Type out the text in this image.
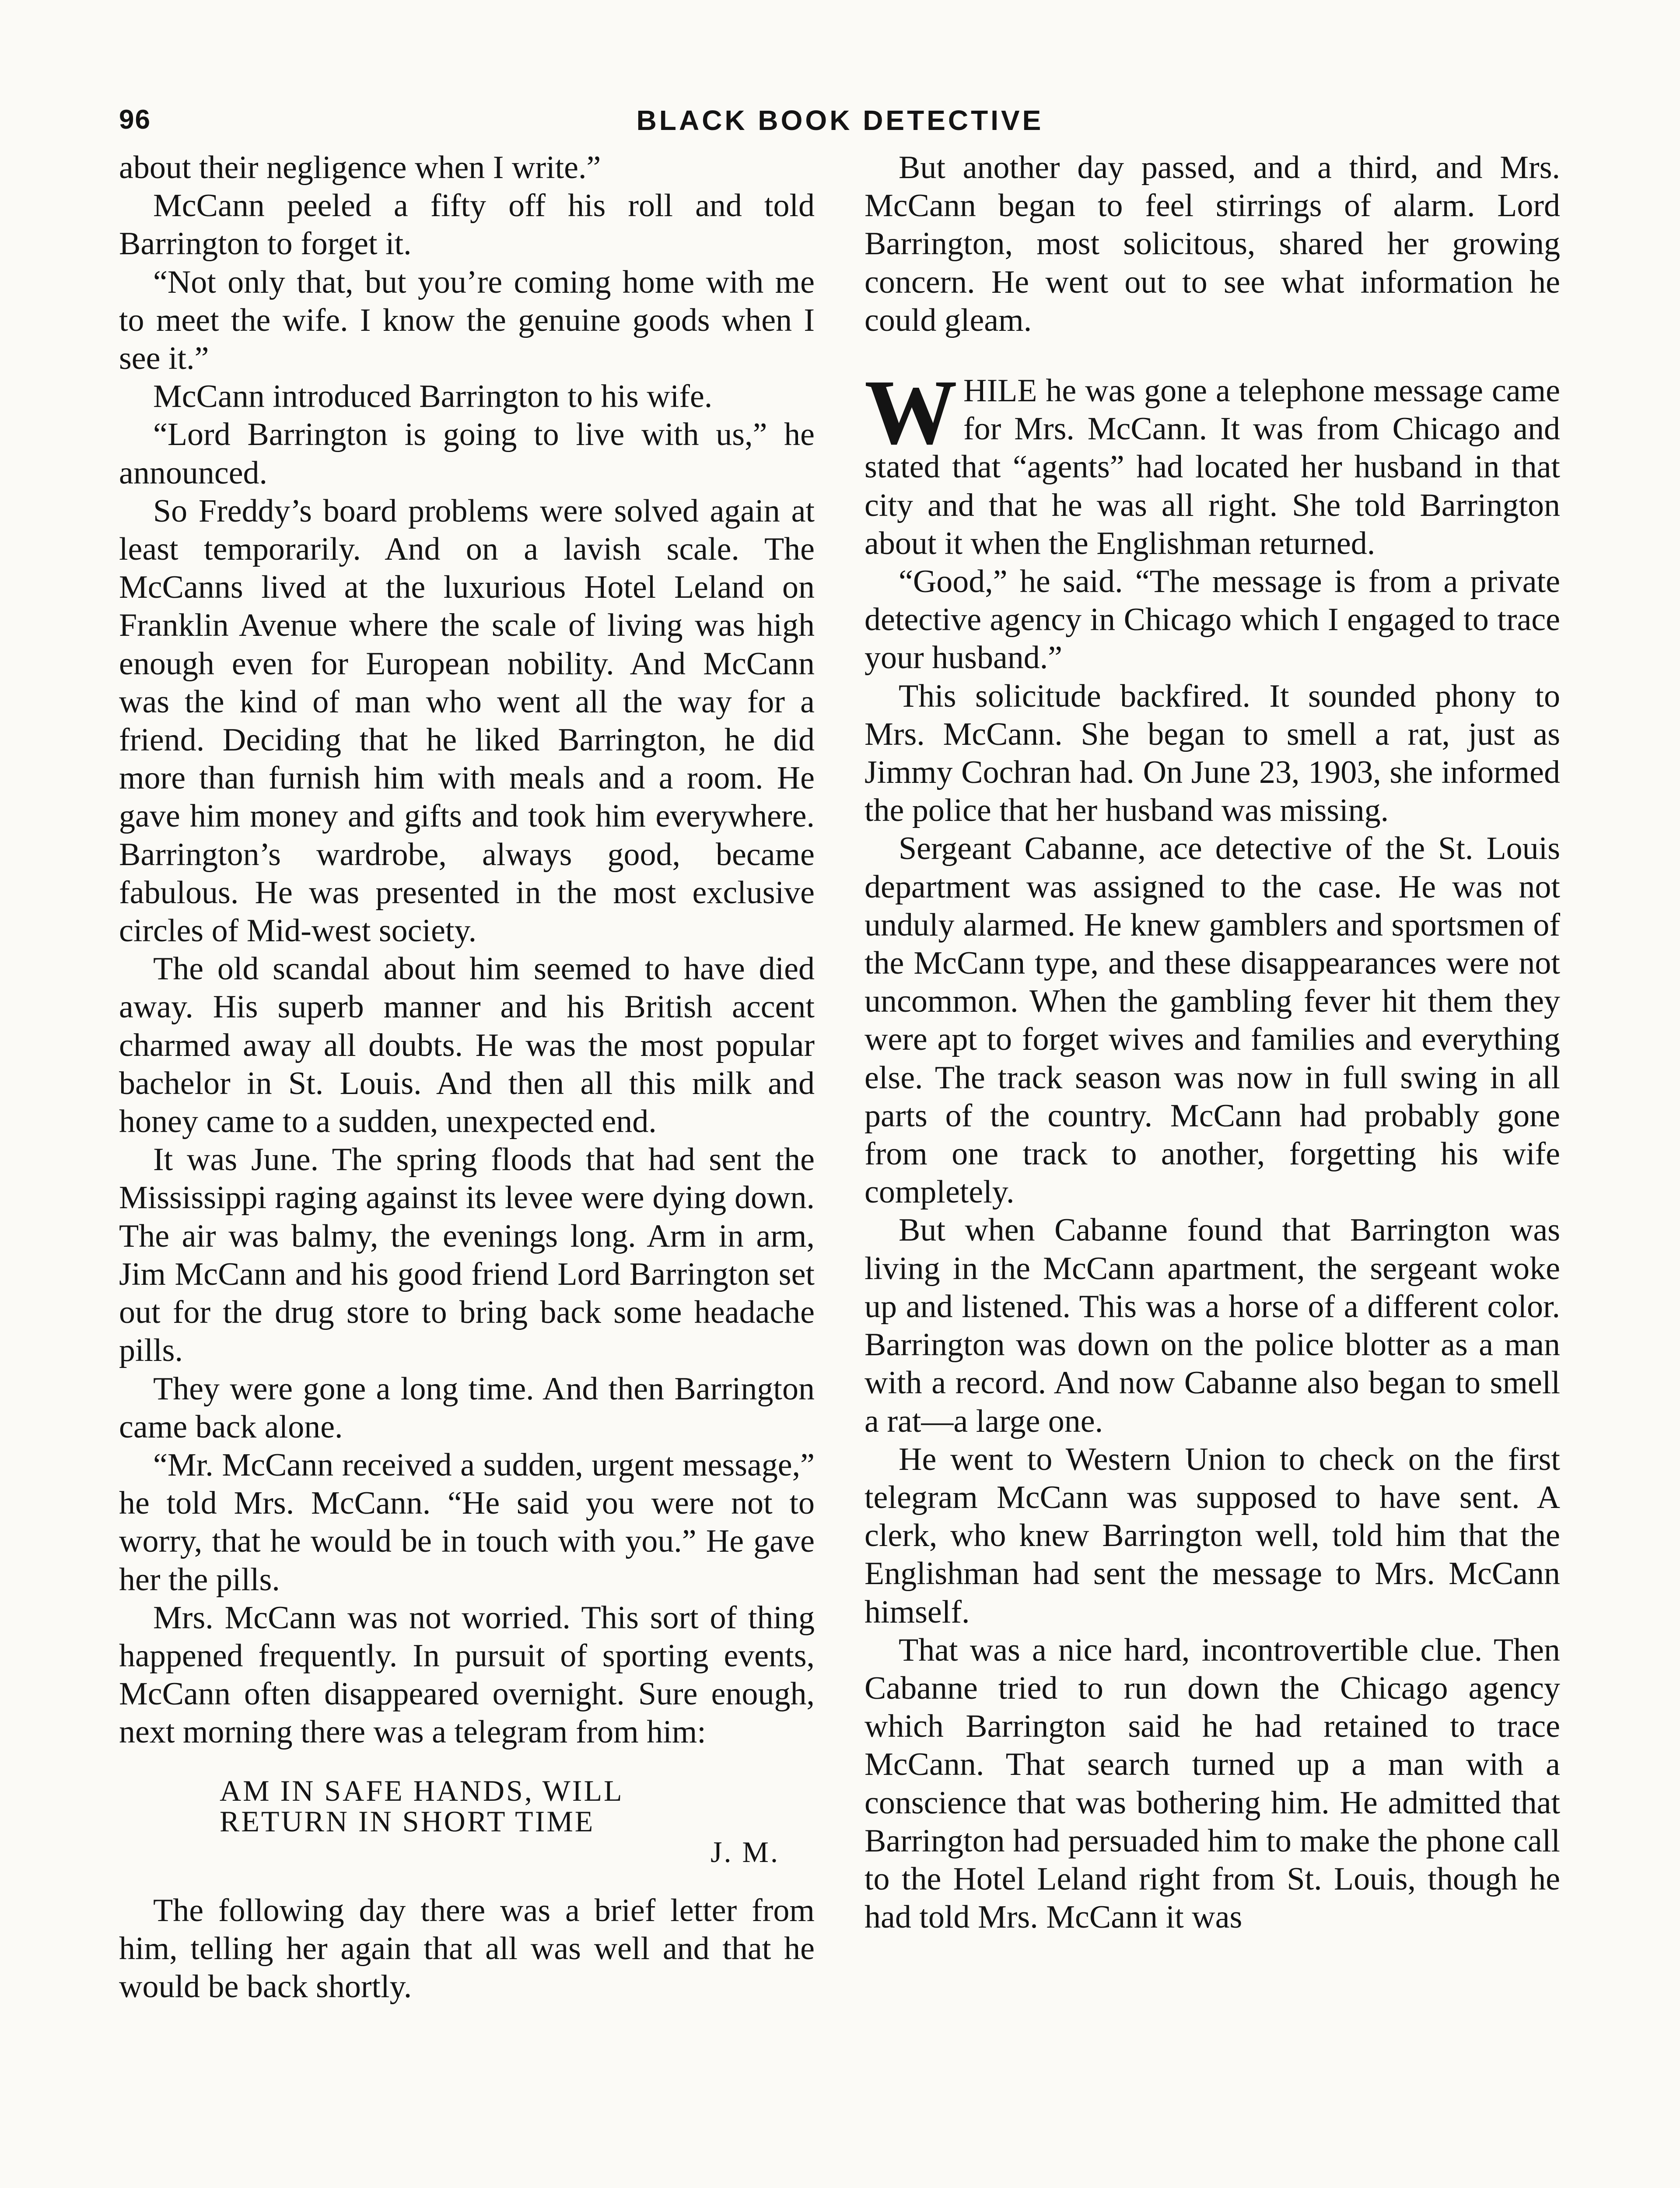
96	BLACK BOOK DETECTIVE

about their negligence when I write.”

McCann peeled a fifty off his roll and told Barrington to forget it.

“Not only that, but you’re coming home with me to meet the wife. I know the genuine goods when I see it.”

McCann introduced Barrington to his wife.

“Lord Barrington is going to live with us,” he announced.

So Freddy’s board problems were solved again at least temporarily. And on a lavish scale. The McCanns lived at the luxurious Hotel Leland on Franklin Avenue where the scale of living was high enough even for European nobility. And McCann was the kind of man who went all the way for a friend. Deciding that he liked Barrington, he did more than furnish him with meals and a room. He gave him money and gifts and took him everywhere. Barrington’s wardrobe, always good, became fabulous. He was presented in the most exclusive circles of Mid-west society.

The old scandal about him seemed to have died away. His superb manner and his British accent charmed away all doubts. He was the most popular bachelor in St. Louis. And then all this milk and honey came to a sudden, unexpected end.

It was June. The spring floods that had sent the Mississippi raging against its levee were dying down. The air was balmy, the evenings long. Arm in arm, Jim McCann and his good friend Lord Barrington set out for the drug store to bring back some headache pills.

They were gone a long time. And then Barrington came back alone.

“Mr. McCann received a sudden, urgent message,” he told Mrs. McCann. “He said you were not to worry, that he would be in touch with you.” He gave her the pills.

Mrs. McCann was not worried. This sort of thing happened frequently. In pursuit of sporting events, McCann often disappeared overnight. Sure enough, next morning there was a telegram from him:

AM IN SAFE HANDS, WILL
RETURN IN SHORT TIME
J. M.

The following day there was a brief letter from him, telling her again that all was well and that he would be back shortly.

But another day passed, and a third, and Mrs. McCann began to feel stirrings of alarm. Lord Barrington, most solicitous, shared her growing concern. He went out to see what information he could gleam.

WHILE he was gone a telephone message came for Mrs. McCann. It was from Chicago and stated that “agents” had located her husband in that city and that he was all right. She told Barrington about it when the Englishman returned.

“Good,” he said. “The message is from a private detective agency in Chicago which I engaged to trace your husband.”

This solicitude backfired. It sounded phony to Mrs. McCann. She began to smell a rat, just as Jimmy Cochran had. On June 23, 1903, she informed the police that her husband was missing.

Sergeant Cabanne, ace detective of the St. Louis department was assigned to the case. He was not unduly alarmed. He knew gamblers and sportsmen of the McCann type, and these disappearances were not uncommon. When the gambling fever hit them they were apt to forget wives and families and everything else. The track season was now in full swing in all parts of the country. McCann had probably gone from one track to another, forgetting his wife completely.

But when Cabanne found that Barrington was living in the McCann apartment, the sergeant woke up and listened. This was a horse of a different color. Barrington was down on the police blotter as a man with a record. And now Cabanne also began to smell a rat—a large one.

He went to Western Union to check on the first telegram McCann was supposed to have sent. A clerk, who knew Barrington well, told him that the Englishman had sent the message to Mrs. McCann himself.

That was a nice hard, incontrovertible clue. Then Cabanne tried to run down the Chicago agency which Barrington said he had retained to trace McCann. That search turned up a man with a conscience that was bothering him. He admitted that Barrington had persuaded him to make the phone call to the Hotel Leland right from St. Louis, though he had told Mrs. McCann it was
